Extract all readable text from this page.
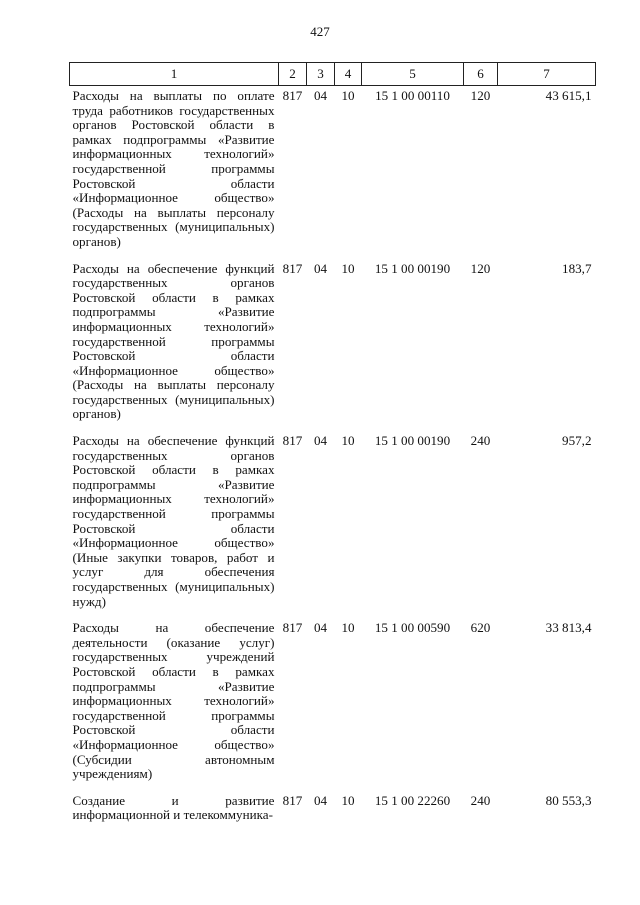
427
1	2	3	4	5	6	7
Расходы на выплаты по оплате труда работников государственных органов Ростовской области в рамках подпрограммы «Развитие информационных технологий» государственной программы Ростовской области «Информационное общество» (Расходы на выплаты персоналу государственных (муниципальных) органов)	817	04	10	15 1 00 00110	120	43 615,1
Расходы на обеспечение функций государственных органов Ростовской области в рамках подпрограммы «Развитие информационных технологий» государственной программы Ростовской области «Информационное общество» (Расходы на выплаты персоналу государственных (муниципальных) органов)	817	04	10	15 1 00 00190	120	183,7
Расходы на обеспечение функций государственных органов Ростовской области в рамках подпрограммы «Развитие информационных технологий» государственной программы Ростовской области «Информационное общество» (Иные закупки товаров, работ и услуг для обеспечения государственных (муниципальных) нужд)	817	04	10	15 1 00 00190	240	957,2
Расходы на обеспечение деятельности (оказание услуг) государственных учреждений Ростовской области в рамках подпрограммы «Развитие информационных технологий» государственной программы Ростовской области «Информационное общество» (Субсидии автономным учреждениям)	817	04	10	15 1 00 00590	620	33 813,4
Создание и развитие информационной и телекоммуника-	817	04	10	15 1 00 22260	240	80 553,3
